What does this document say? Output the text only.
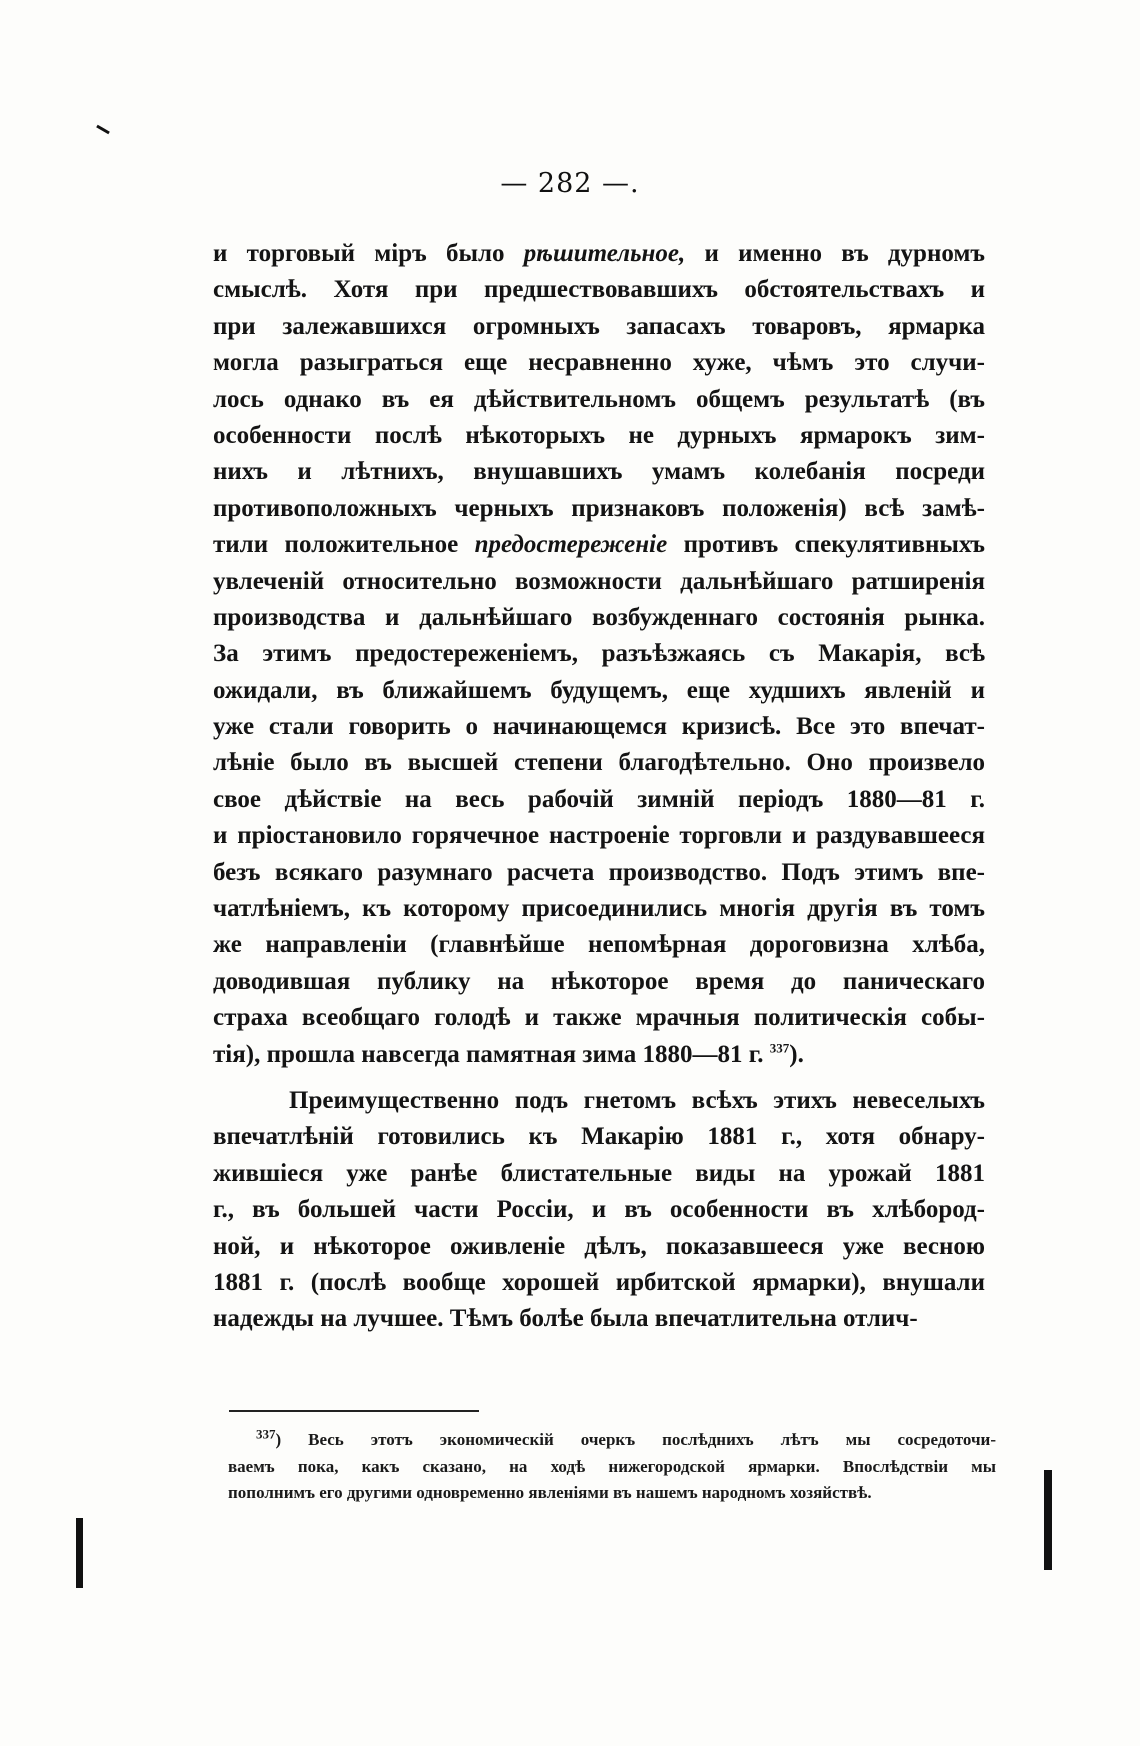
— 282 —.
и торговый міръ было рѣшительное, и именно въ дурномъ
смыслѣ. Хотя при предшествовавшихъ обстоятельствахъ и
при залежавшихся огромныхъ запасахъ товаровъ, ярмарка
могла разыграться еще несравненно хуже, чѣмъ это случи-
лось однако въ ея дѣйствительномъ общемъ результатѣ (въ
особенности послѣ нѣкоторыхъ не дурныхъ ярмарокъ зим-
нихъ и лѣтнихъ, внушавшихъ умамъ колебанія посреди
противоположныхъ черныхъ признаковъ положенія) всѣ замѣ-
тили положительное предостереженіе противъ спекулятивныхъ
увлеченій относительно возможности дальнѣйшаго ратширенія
производства и дальнѣйшаго возбужденнаго состоянія рынка.
За этимъ предостереженіемъ, разъѣзжаясь съ Макарія, всѣ
ожидали, въ ближайшемъ будущемъ, еще худшихъ явленій и
уже стали говорить о начинающемся кризисѣ. Все это впечат-
лѣніе было въ высшей степени благодѣтельно. Оно произвело
свое дѣйствіе на весь рабочій зимній періодъ 1880—81 г.
и пріостановило горячечное настроеніе торговли и раздувавшееся
безъ всякаго разумнаго расчета производство. Подъ этимъ впе-
чатлѣніемъ, къ которому присоединились многія другія въ томъ
же направленіи (главнѣйше непомѣрная дороговизна хлѣба,
доводившая публику на нѣкоторое время до паническаго
страха всеобщаго голодѣ и также мрачныя политическія собы-
тія), прошла навсегда памятная зима 1880—81 г. $^{337}$).
Преимущественно подъ гнетомъ всѣхъ этихъ невеселыхъ
впечатлѣній готовились къ Макарію 1881 г., хотя обнару-
жившіеся уже ранѣе блистательные виды на урожай 1881
г., въ большей части Россіи, и въ особенности въ хлѣбород-
ной, и нѣкоторое оживленіе дѣлъ, показавшееся уже весною
1881 г. (послѣ вообще хорошей ирбитской ярмарки), внушали
надежды на лучшее. Тѣмъ болѣе была впечатлительна отлич-
$^{337}$) Весь этотъ экономическій очеркъ послѣднихъ лѣтъ мы сосредоточи-
ваемъ пока, какъ сказано, на ходѣ нижегородской ярмарки. Впослѣдствіи мы
пополнимъ его другими одновременно явленіями въ нашемъ народномъ хозяйствѣ.
